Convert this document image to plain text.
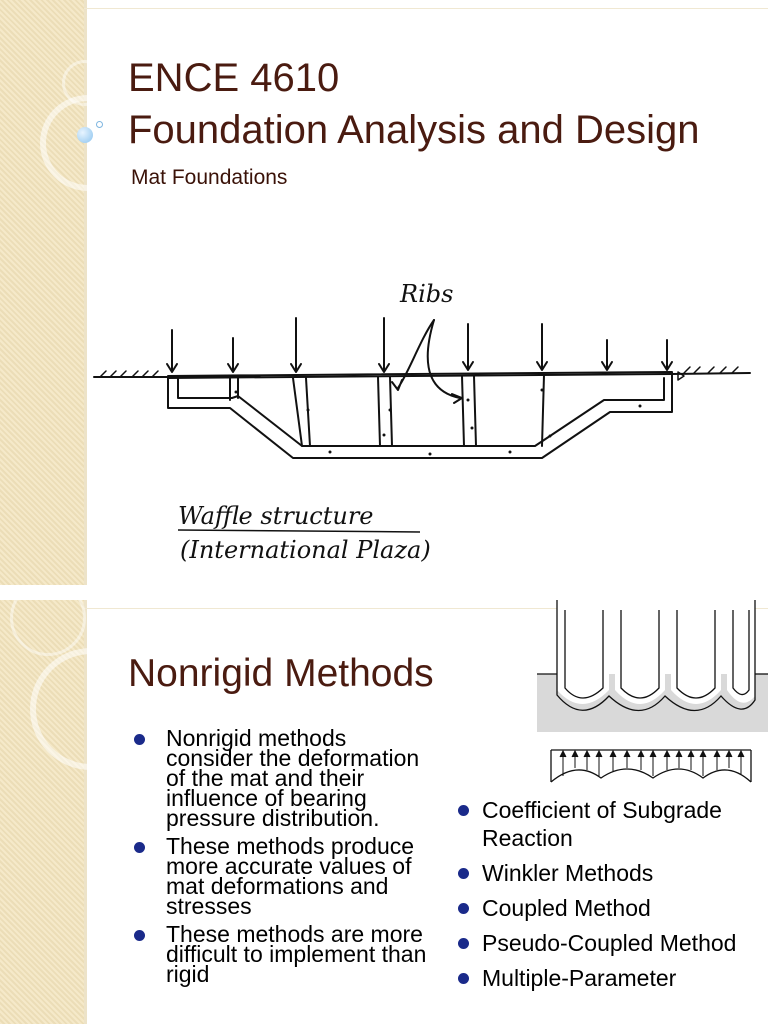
ENCE 4610
Foundation Analysis and Design
Mat Foundations
Ribs
Waffle structure
(International Plaza)
Nonrigid Methods
Nonrigid methods consider the deformation of the mat and their influence of bearing pressure distribution.
These methods produce more accurate values of mat deformations and stresses
These methods are more difficult to implement than rigid
Coefficient of Subgrade Reaction
Winkler Methods
Coupled Method
Pseudo-Coupled Method
Multiple-Parameter
